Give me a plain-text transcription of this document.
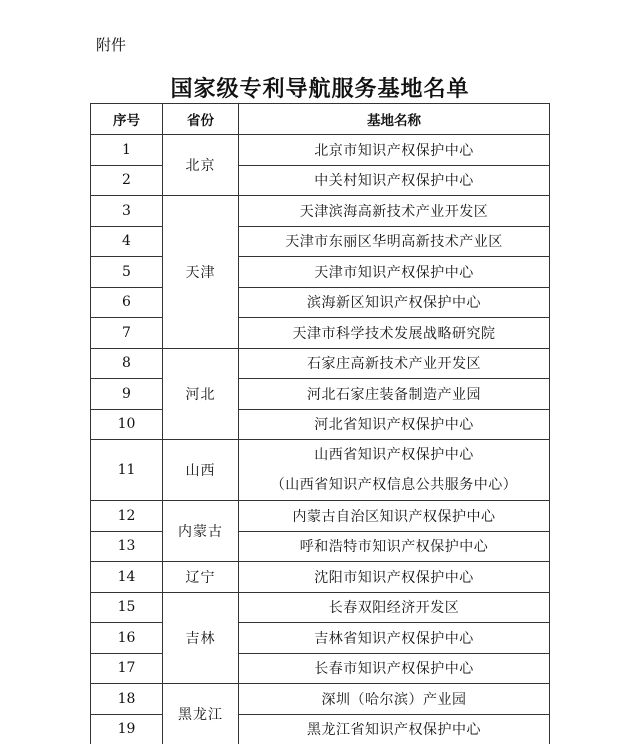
附件
国家级专利导航服务基地名单
序号	省份	基地名称
1	北京	北京市知识产权保护中心
2		中关村知识产权保护中心
3	天津	天津滨海高新技术产业开发区
4		天津市东丽区华明高新技术产业区
5		天津市知识产权保护中心
6		滨海新区知识产权保护中心
7		天津市科学技术发展战略研究院
8	河北	石家庄高新技术产业开发区
9		河北石家庄装备制造产业园
10		河北省知识产权保护中心
11	山西	山西省知识产权保护中心
（山西省知识产权信息公共服务中心）

12	内蒙古	内蒙古自治区知识产权保护中心
13		呼和浩特市知识产权保护中心
14	辽宁	沈阳市知识产权保护中心
15	吉林	长春双阳经济开发区
16		吉林省知识产权保护中心
17		长春市知识产权保护中心
18	黑龙江	深圳（哈尔滨）产业园
19		黑龙江省知识产权保护中心
